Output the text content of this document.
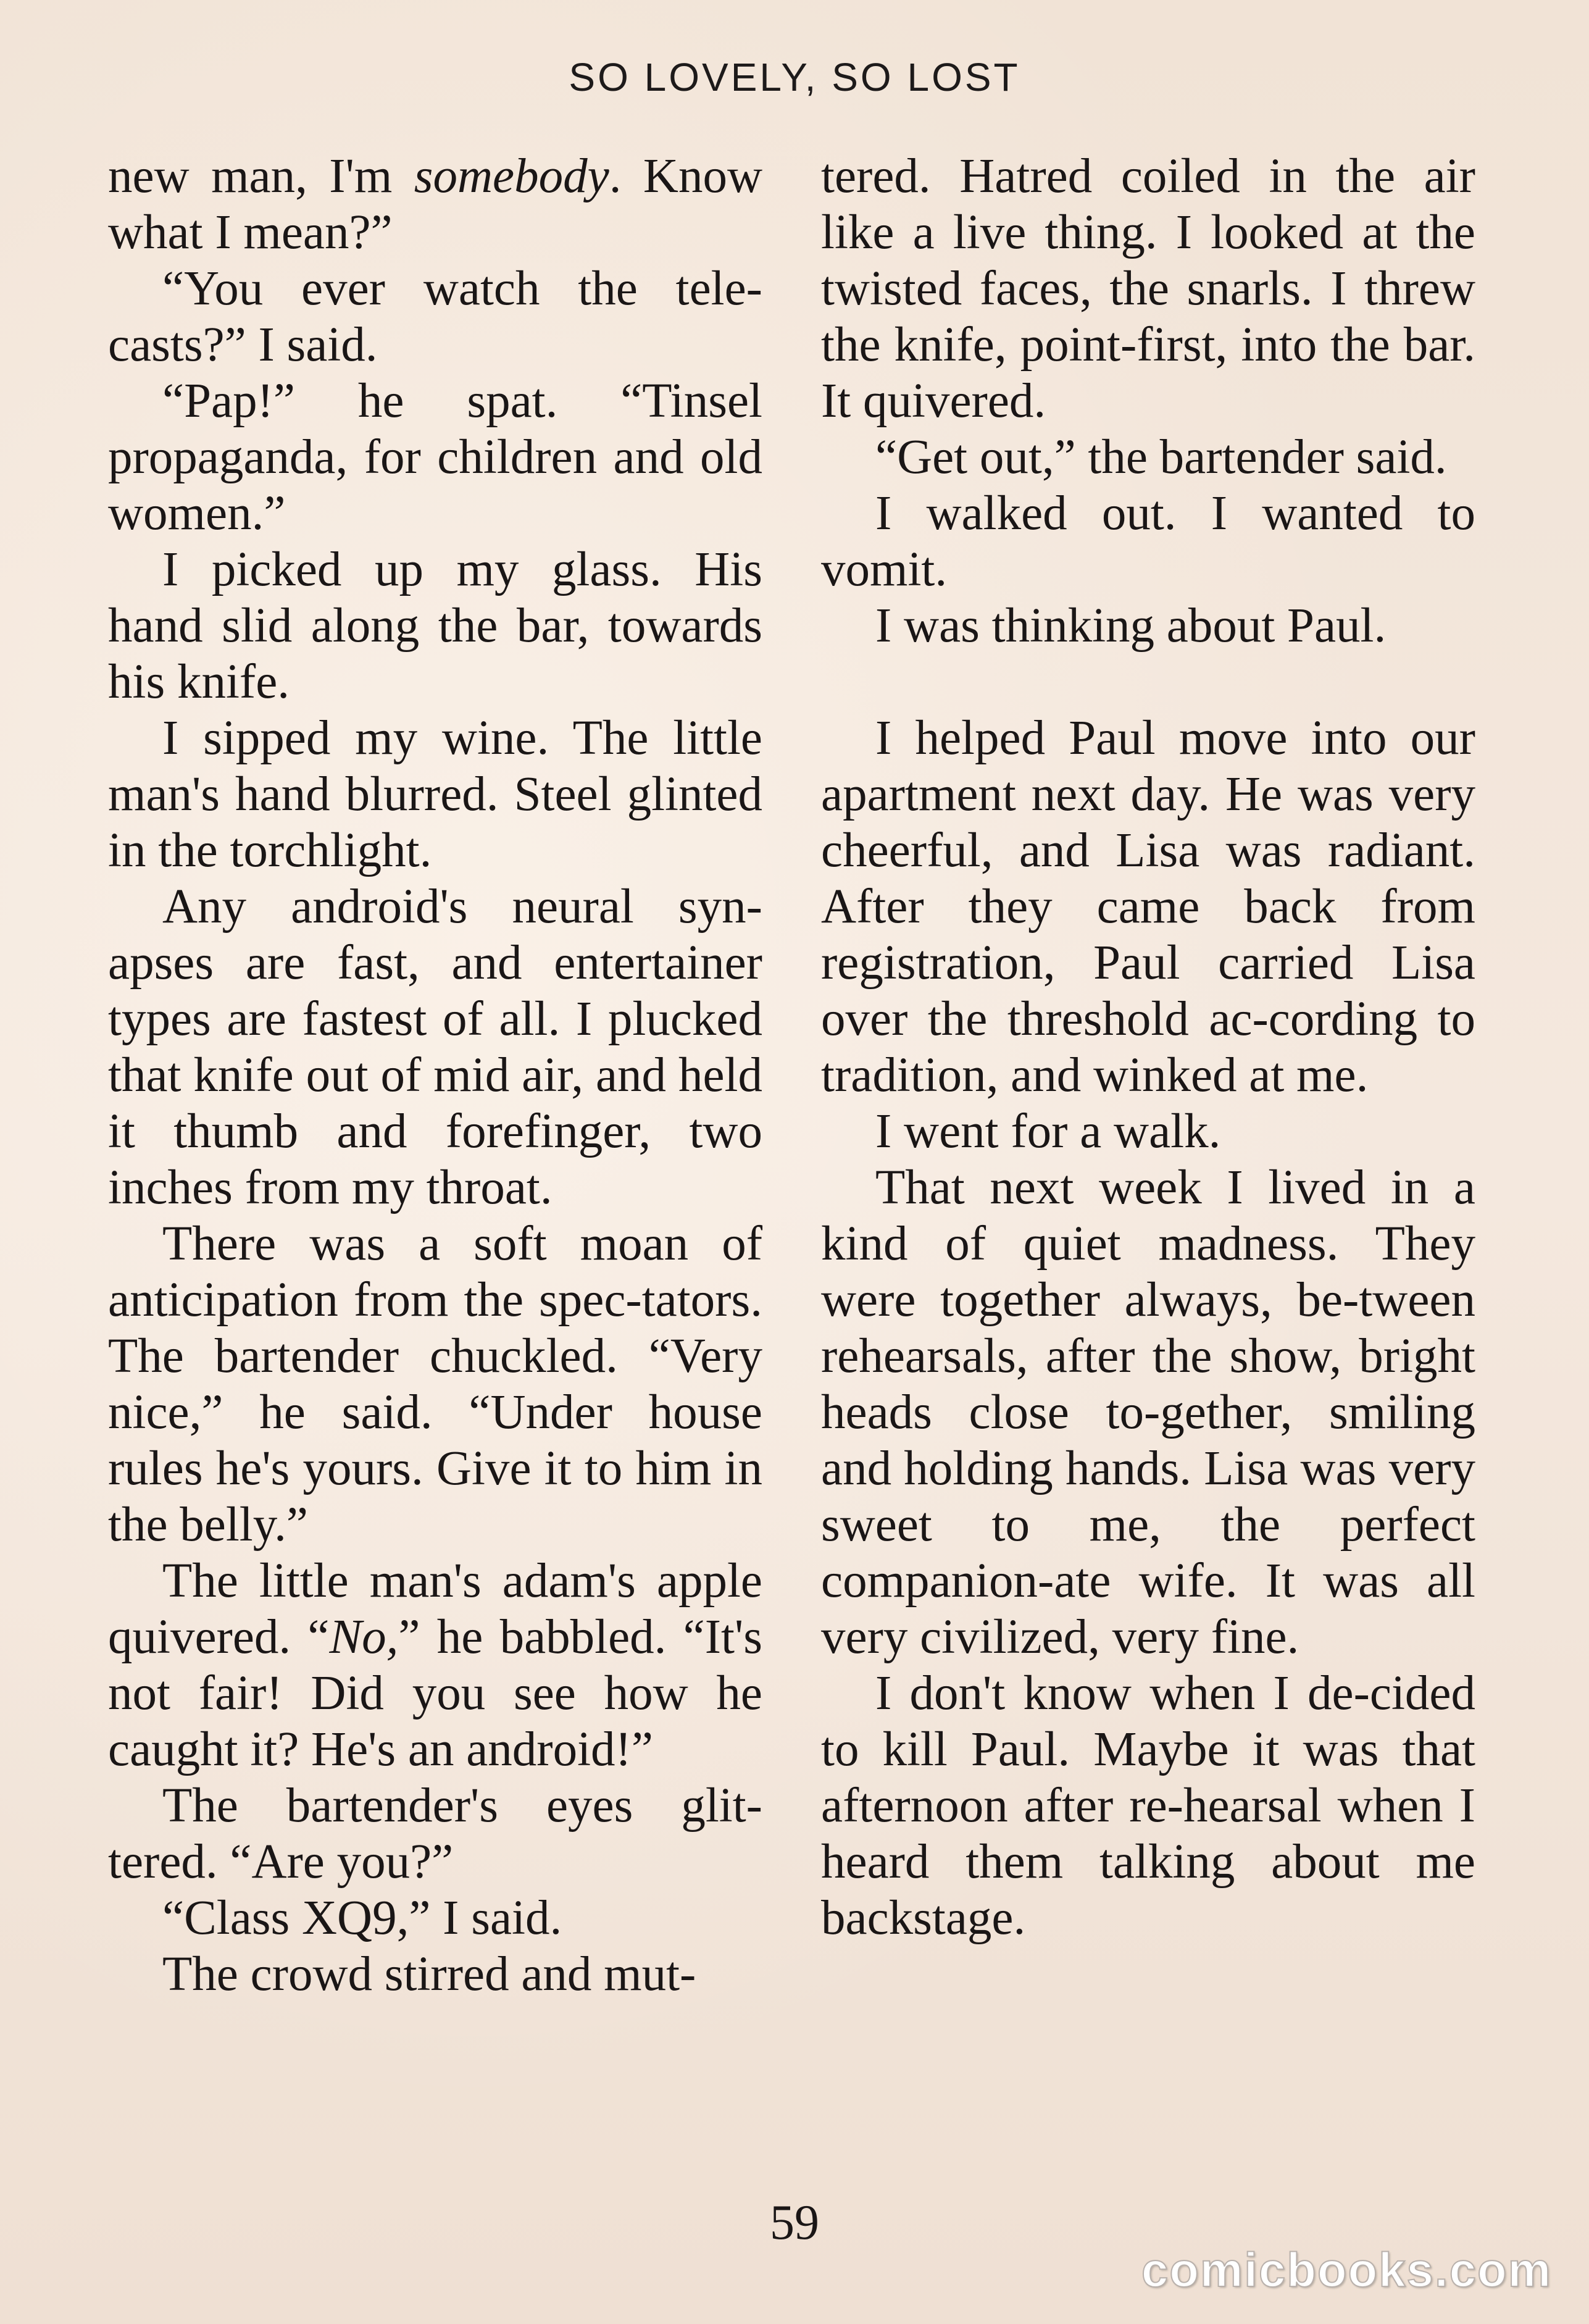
SO LOVELY, SO LOST

new man, I'm somebody. Know what I mean?”

“You ever watch the tele-casts?” I said.

“Pap!” he spat. “Tinsel propaganda, for children and old women.”

I picked up my glass. His hand slid along the bar, towards his knife.

I sipped my wine. The little man's hand blurred. Steel glinted in the torchlight.

Any android's neural syn-apses are fast, and entertainer types are fastest of all. I plucked that knife out of mid air, and held it thumb and forefinger, two inches from my throat.

There was a soft moan of anticipation from the spec-tators. The bartender chuckled. “Very nice,” he said. “Under house rules he's yours. Give it to him in the belly.”

The little man's adam's apple quivered. “No,” he babbled. “It's not fair! Did you see how he caught it? He's an android!”

The bartender's eyes glit-tered. “Are you?”

“Class XQ9,” I said.

The crowd stirred and mut-

tered. Hatred coiled in the air like a live thing. I looked at the twisted faces, the snarls. I threw the knife, point-first, into the bar. It quivered.

“Get out,” the bartender said.

I walked out. I wanted to vomit.

I was thinking about Paul.

I helped Paul move into our apartment next day. He was very cheerful, and Lisa was radiant. After they came back from registration, Paul carried Lisa over the threshold ac-cording to tradition, and winked at me.

I went for a walk.

That next week I lived in a kind of quiet madness. They were together always, be-tween rehearsals, after the show, bright heads close to-gether, smiling and holding hands. Lisa was very sweet to me, the perfect companion-ate wife. It was all very civilized, very fine.

I don't know when I de-cided to kill Paul. Maybe it was that afternoon after re-hearsal when I heard them talking about me backstage.

59
comicbooks.com
